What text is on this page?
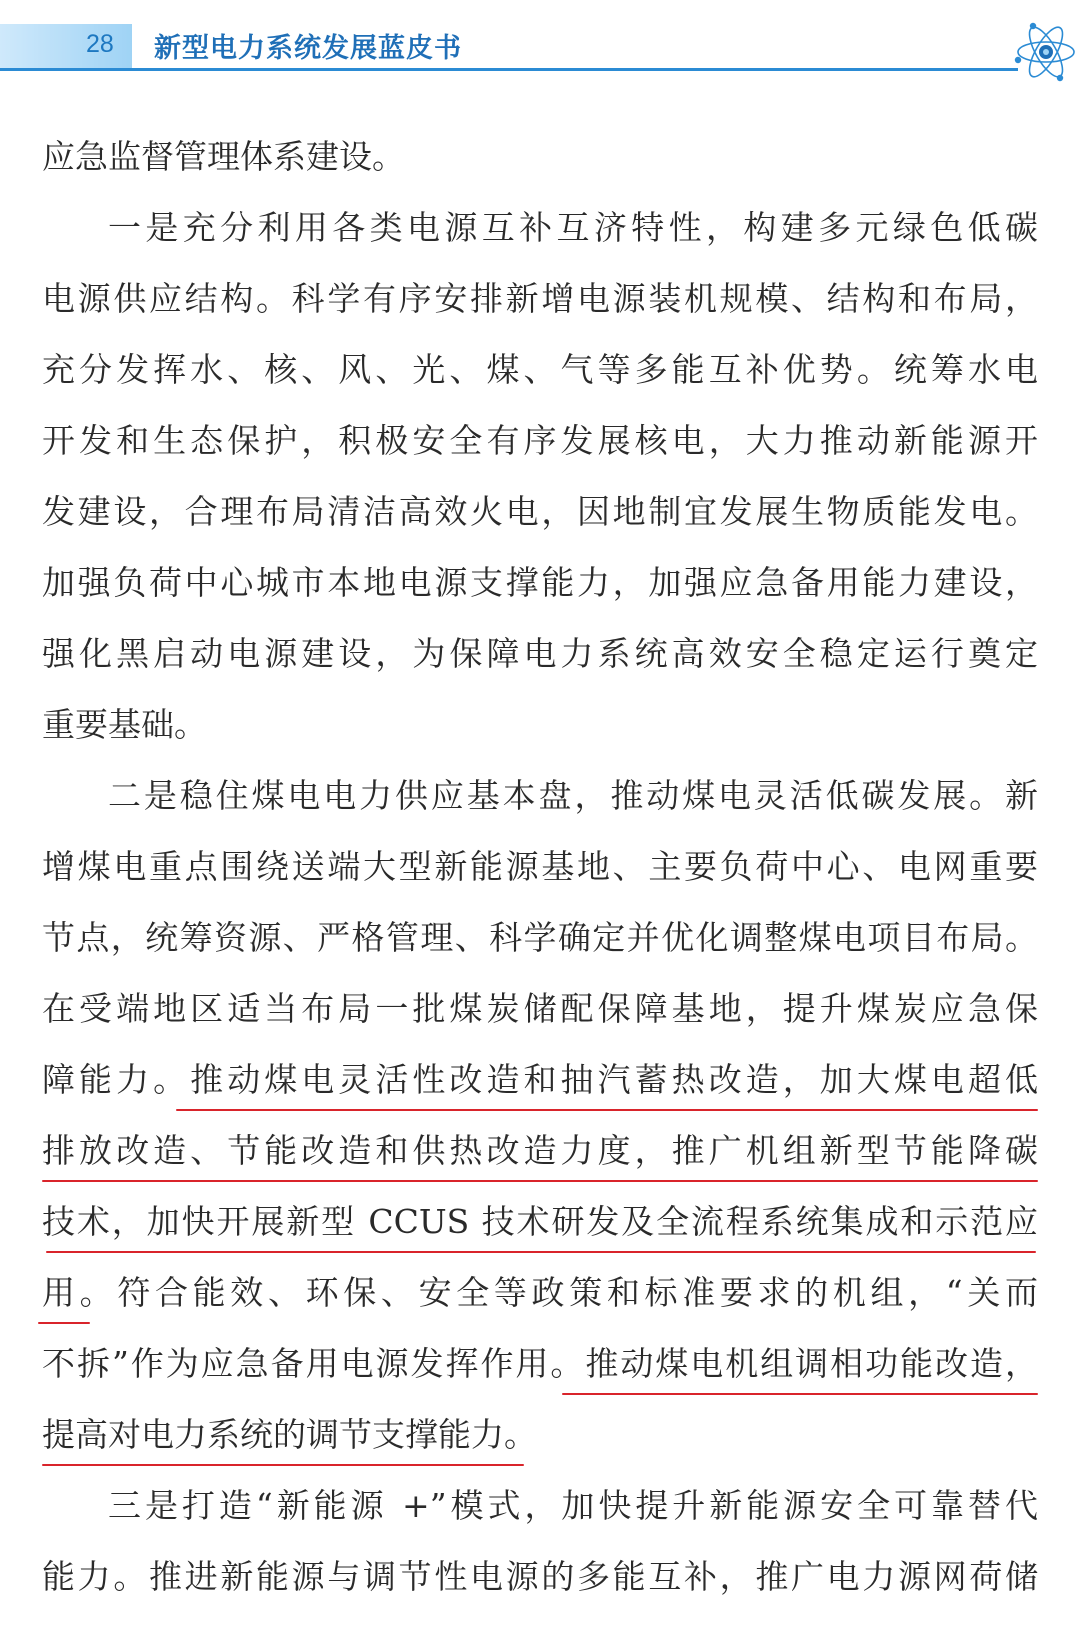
28 新型电力系统发展蓝皮书
应急监督管理体系建设。
一是充分利用各类电源互补互济特性，构建多元绿色低碳
电源供应结构。科学有序安排新增电源装机规模、结构和布局，
充分发挥水、核、风、光、煤、气等多能互补优势。统筹水电
开发和生态保护，积极安全有序发展核电，大力推动新能源开
发建设，合理布局清洁高效火电，因地制宜发展生物质能发电。
加强负荷中心城市本地电源支撑能力，加强应急备用能力建设，
强化黑启动电源建设，为保障电力系统高效安全稳定运行奠定
重要基础。
二是稳住煤电电力供应基本盘，推动煤电灵活低碳发展。新
增煤电重点围绕送端大型新能源基地、主要负荷中心、电网重要
节点，统筹资源、严格管理、科学确定并优化调整煤电项目布局。
在受端地区适当布局一批煤炭储配保障基地，提升煤炭应急保
障能力。推动煤电灵活性改造和抽汽蓄热改造，加大煤电超低
排放改造、节能改造和供热改造力度，推广机组新型节能降碳
技术，加快开展新型 CCUS 技术研发及全流程系统集成和示范应
用。符合能效、环保、安全等政策和标准要求的机组，“关而
不拆”作为应急备用电源发挥作用。推动煤电机组调相功能改造，
提高对电力系统的调节支撑能力。
三是打造“新能源 +”模式，加快提升新能源安全可靠替代
能力。推进新能源与调节性电源的多能互补，推广电力源网荷储
